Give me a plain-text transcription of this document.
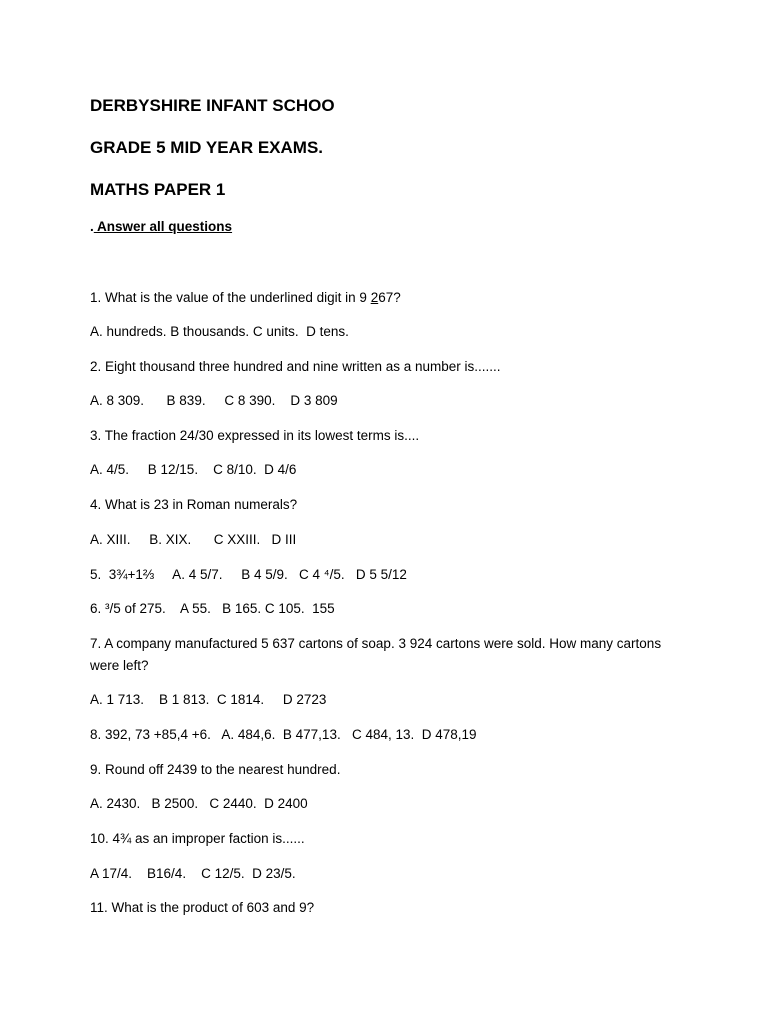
DERBYSHIRE INFANT SCHOO
GRADE 5 MID YEAR EXAMS.
MATHS PAPER 1
. Answer all questions
1. What is the value of the underlined digit in 9 267?
A. hundreds. B thousands. C units.  D tens.
2. Eight thousand three hundred and nine written as a number is.......
A. 8 309.      B 839.     C 8 390.    D 3 809
3. The fraction 24/30 expressed in its lowest terms is....
A. 4/5.     B 12/15.    C 8/10.  D 4/6
4. What is 23 in Roman numerals?
A. XIII.     B. XIX.      C XXIII.   D III
5.  3¾+1⅔     A. 4 5/7.     B 4 5/9.   C 4 ⁴/5.   D 5 5/12
6. ³/5 of 275.    A 55.   B 165. C 105.  155
7. A company manufactured 5 637 cartons of soap. 3 924 cartons were sold. How many cartons were left?
A. 1 713.    B 1 813.  C 1814.     D 2723
8. 392, 73 +85,4 +6.   A. 484,6.  B 477,13.   C 484, 13.  D 478,19
9. Round off 2439 to the nearest hundred.
A. 2430.   B 2500.   C 2440.  D 2400
10. 4¾ as an improper faction is......
A 17/4.    B16/4.    C 12/5.  D 23/5.
11. What is the product of 603 and 9?
